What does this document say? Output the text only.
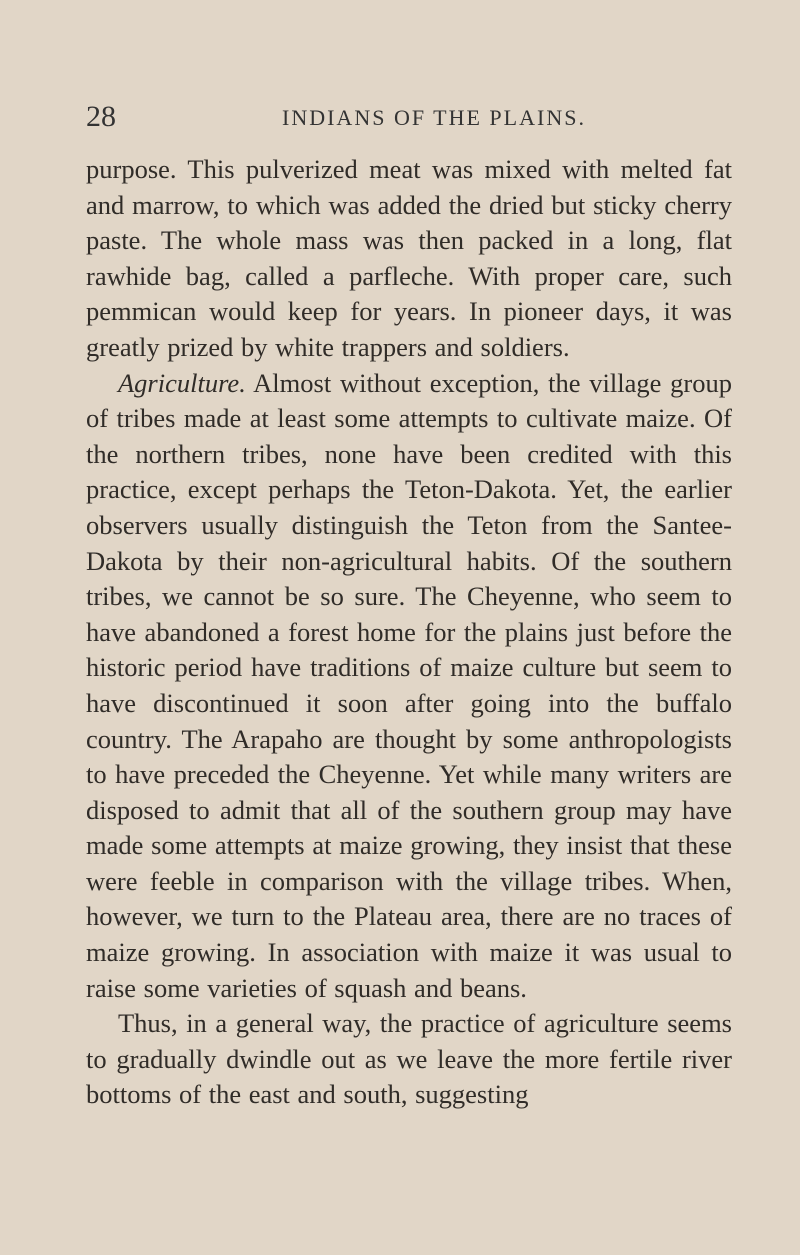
28	INDIANS OF THE PLAINS.

purpose. This pulverized meat was mixed with melted fat and marrow, to which was added the dried but sticky cherry paste. The whole mass was then packed in a long, flat rawhide bag, called a parfleche. With proper care, such pemmican would keep for years. In pioneer days, it was greatly prized by white trappers and soldiers.

Agriculture. Almost without exception, the village group of tribes made at least some attempts to cultivate maize. Of the northern tribes, none have been credited with this practice, except perhaps the Teton-Dakota. Yet, the earlier observers usually distinguish the Teton from the Santee-Dakota by their non-agricultural habits. Of the southern tribes, we cannot be so sure. The Cheyenne, who seem to have abandoned a forest home for the plains just before the historic period have traditions of maize culture but seem to have discontinued it soon after going into the buffalo country. The Arapaho are thought by some anthropologists to have preceded the Cheyenne. Yet while many writers are disposed to admit that all of the southern group may have made some attempts at maize growing, they insist that these were feeble in comparison with the village tribes. When, however, we turn to the Plateau area, there are no traces of maize growing. In association with maize it was usual to raise some varieties of squash and beans.

Thus, in a general way, the practice of agriculture seems to gradually dwindle out as we leave the more fertile river bottoms of the east and south, suggesting
